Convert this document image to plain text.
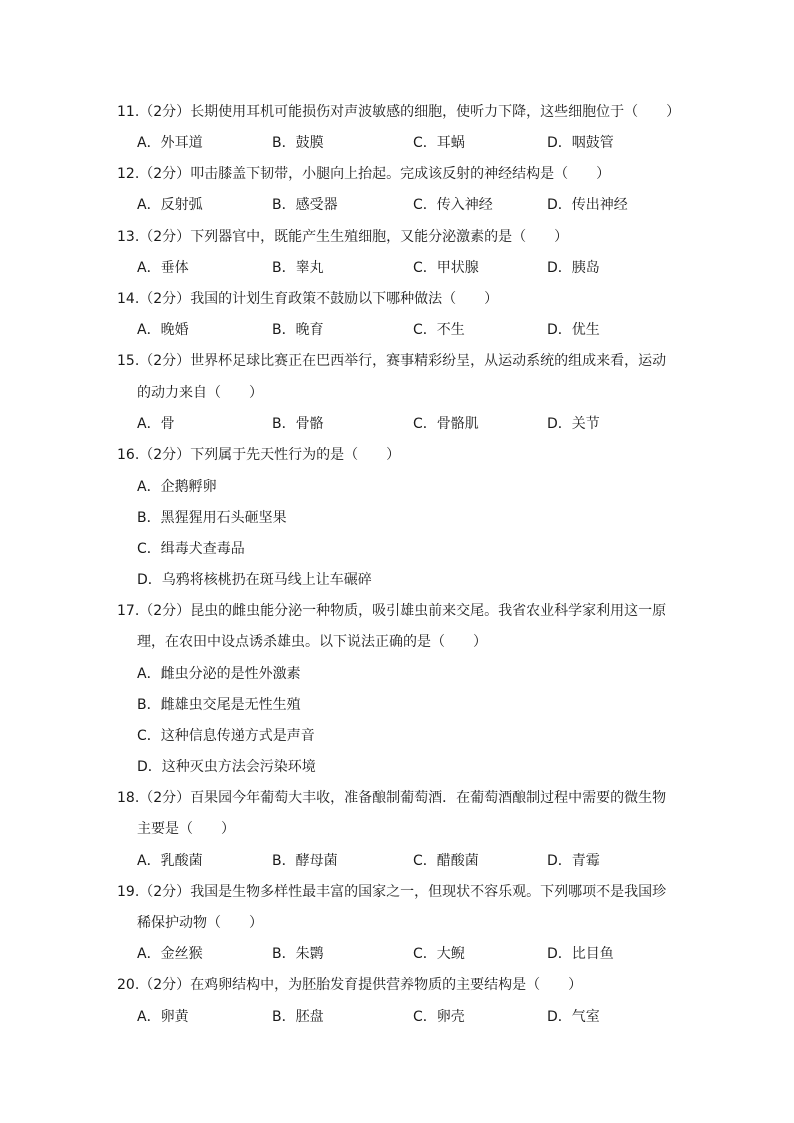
11.（2分）长期使用耳机可能损伤对声波敏感的细胞，使听力下降，这些细胞位于（　　）
A．外耳道	B．鼓膜	C．耳蜗	D．咽鼓管
12.（2分）叩击膝盖下韧带，小腿向上抬起。完成该反射的神经结构是（　　）
A．反射弧	B．感受器	C．传入神经	D．传出神经
13.（2分）下列器官中，既能产生生殖细胞，又能分泌激素的是（　　）
A．垂体	B．睾丸	C．甲状腺	D．胰岛
14.（2分）我国的计划生育政策不鼓励以下哪种做法（　　）
A．晚婚	B．晚育	C．不生	D．优生
15.（2分）世界杯足球比赛正在巴西举行，赛事精彩纷呈，从运动系统的组成来看，运动
的动力来自（　　）
A．骨	B．骨骼	C．骨骼肌	D．关节
16.（2分）下列属于先天性行为的是（　　）
A．企鹅孵卵
B．黑猩猩用石头砸坚果
C．缉毒犬查毒品
D．乌鸦将核桃扔在斑马线上让车碾碎
17.（2分）昆虫的雌虫能分泌一种物质，吸引雄虫前来交尾。我省农业科学家利用这一原
理，在农田中设点诱杀雄虫。以下说法正确的是（　　）
A．雌虫分泌的是性外激素
B．雌雄虫交尾是无性生殖
C．这种信息传递方式是声音
D．这种灭虫方法会污染环境
18.（2分）百果园今年葡萄大丰收，准备酿制葡萄酒．在葡萄酒酿制过程中需要的微生物
主要是（　　）
A．乳酸菌	B．酵母菌	C．醋酸菌	D．青霉
19.（2分）我国是生物多样性最丰富的国家之一，但现状不容乐观。下列哪项不是我国珍
稀保护动物（　　）
A．金丝猴	B．朱鹮	C．大鲵	D．比目鱼
20.（2分）在鸡卵结构中，为胚胎发育提供营养物质的主要结构是（　　）
A．卵黄	B．胚盘	C．卵壳	D．气室
